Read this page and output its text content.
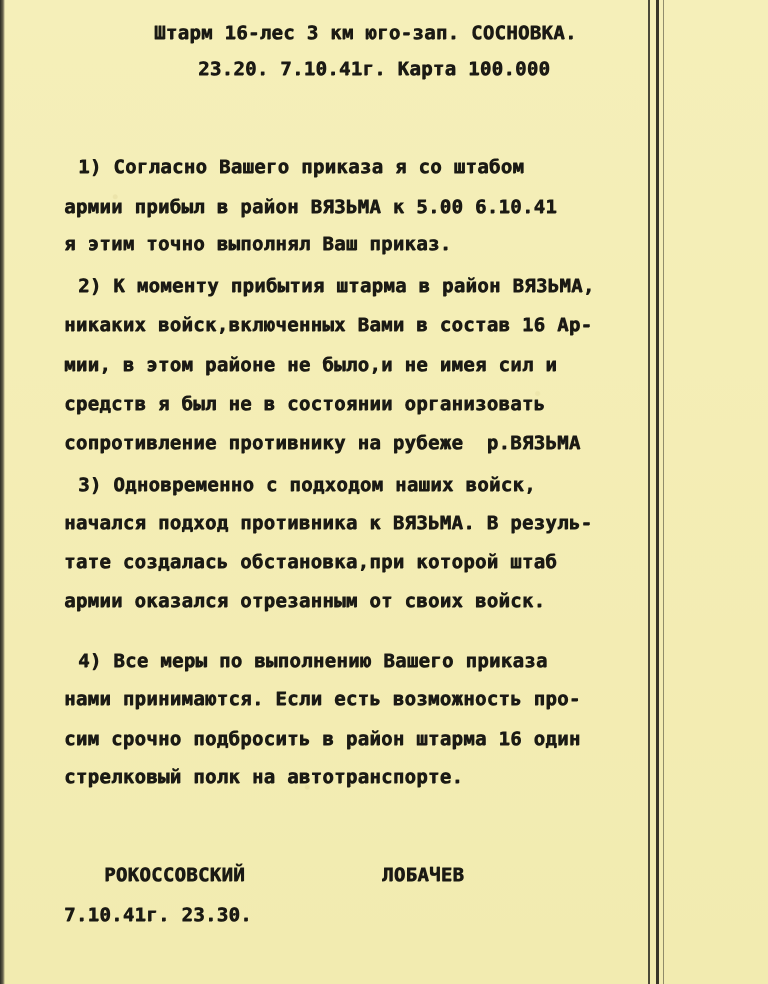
Штарм 16-лес 3 км юго-зап. СОСНОВКА.
23.20. 7.10.41г. Карта 100.000
1) Согласно Вашего приказа я со штабом
армии прибыл в район ВЯЗЬМА к 5.00 6.10.41
я этим точно выполнял Ваш приказ.
2) К моменту прибытия штарма в район ВЯЗЬМА,
никаких войск,включенных Вами в состав 16 Ар-
мии, в этом районе не было,и не имея сил и
средств я был не в состоянии организовать
сопротивление противнику на рубеже  р.ВЯЗЬМА
3) Одновременно с подходом наших войск,
начался подход противника к ВЯЗЬМА. В резуль-
тате создалась обстановка,при которой штаб
армии оказался отрезанным от своих войск.
4) Все меры по выполнению Вашего приказа
нами принимаются. Если есть возможность про-
сим срочно подбросить в район штарма 16 один
стрелковый полк на автотранспорте.
РОКОССОВСКИЙ	ЛОБАЧЕВ
7.10.41г. 23.30.
